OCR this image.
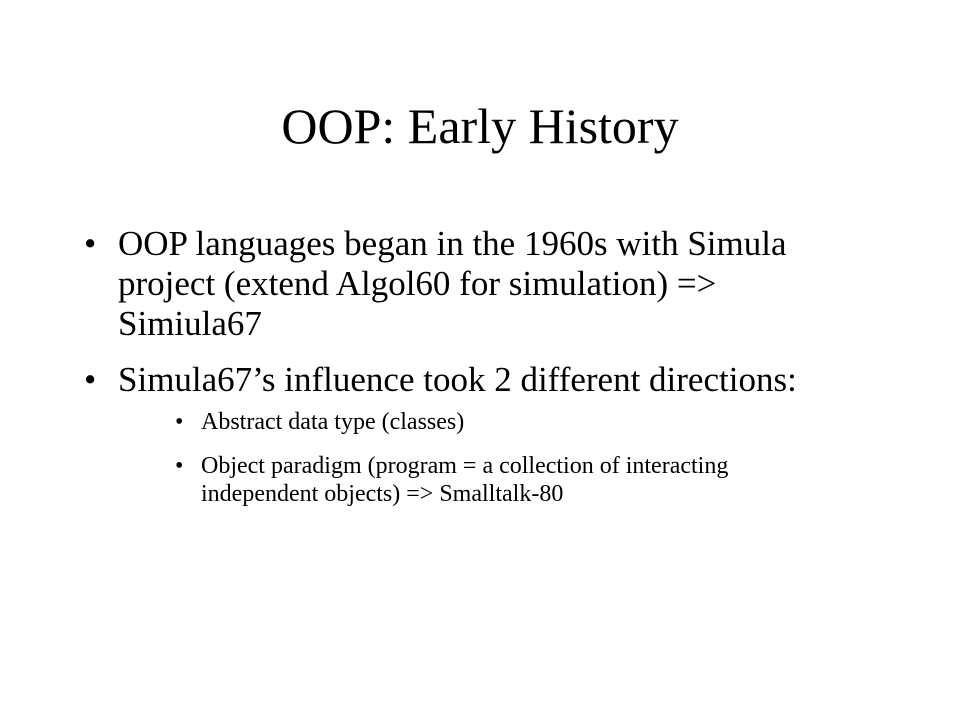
OOP: Early History
• OOP languages began in the 1960s with Simula project (extend Algol60 for simulation) => Simiula67
• Simula67’s influence took 2 different directions:
• Abstract data type (classes)
• Object paradigm (program = a collection of interacting independent objects) => Smalltalk-80
